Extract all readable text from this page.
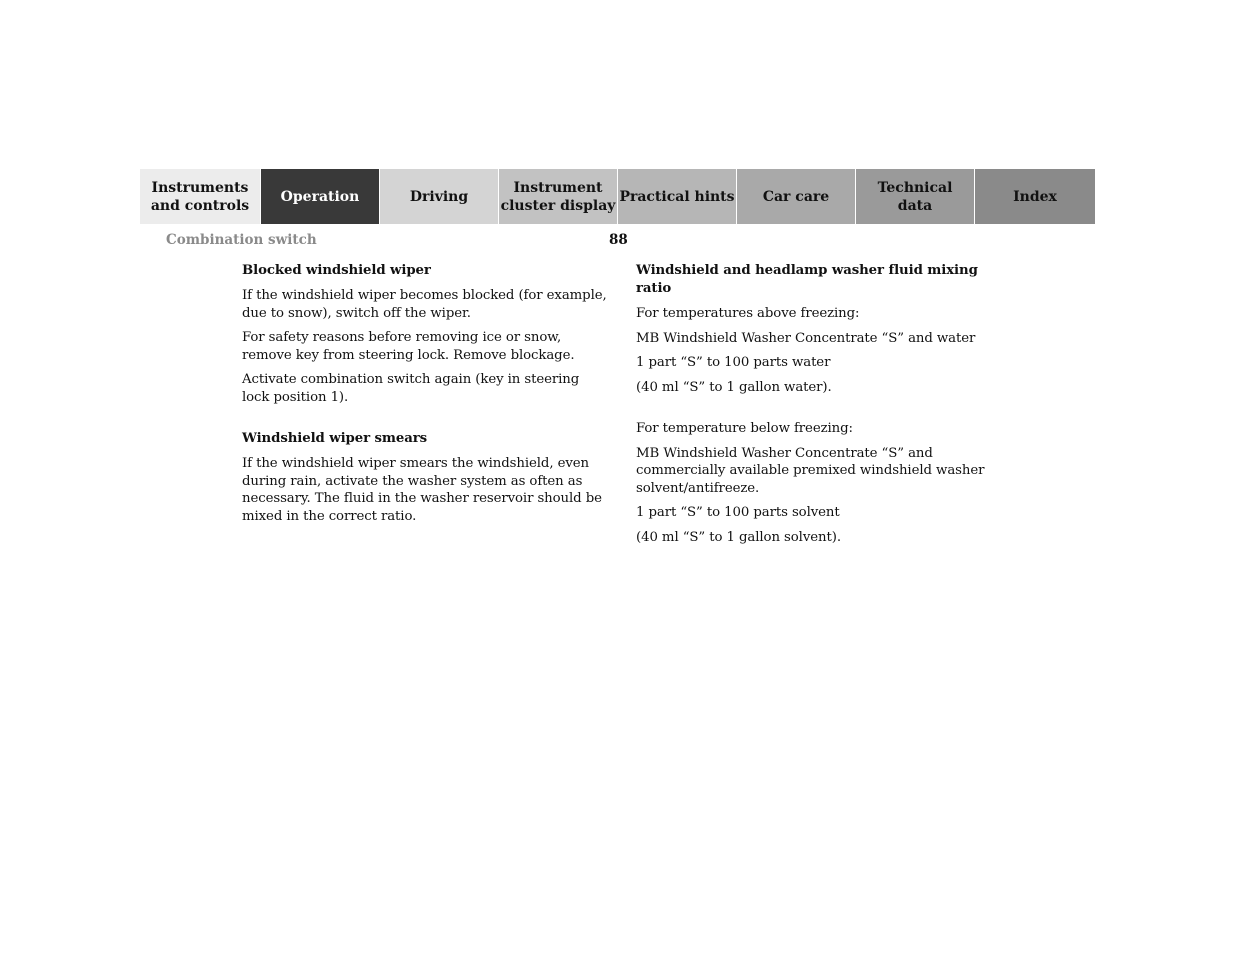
Instruments
and controls
Operation	Driving
Instrument
cluster display
Practical hints	Car care
Technical
data
Index
Combination switch	88
Blocked windshield wiper

If the windshield wiper becomes blocked (for example, due to snow), switch off the wiper.

For safety reasons before removing ice or snow, remove key from steering lock. Remove blockage.

Activate combination switch again (key in steering lock position 1).

Windshield wiper smears

If the windshield wiper smears the windshield, even during rain, activate the washer system as often as necessary. The fluid in the washer reservoir should be mixed in the correct ratio.

Windshield and headlamp washer fluid mixing ratio

For temperatures above freezing:

MB Windshield Washer Concentrate “S” and water

1 part “S” to 100 parts water

(40 ml “S” to 1 gallon water).

For temperature below freezing:

MB Windshield Washer Concentrate “S” and commercially available premixed windshield washer solvent/antifreeze.

1 part “S” to 100 parts solvent

(40 ml “S” to 1 gallon solvent).
